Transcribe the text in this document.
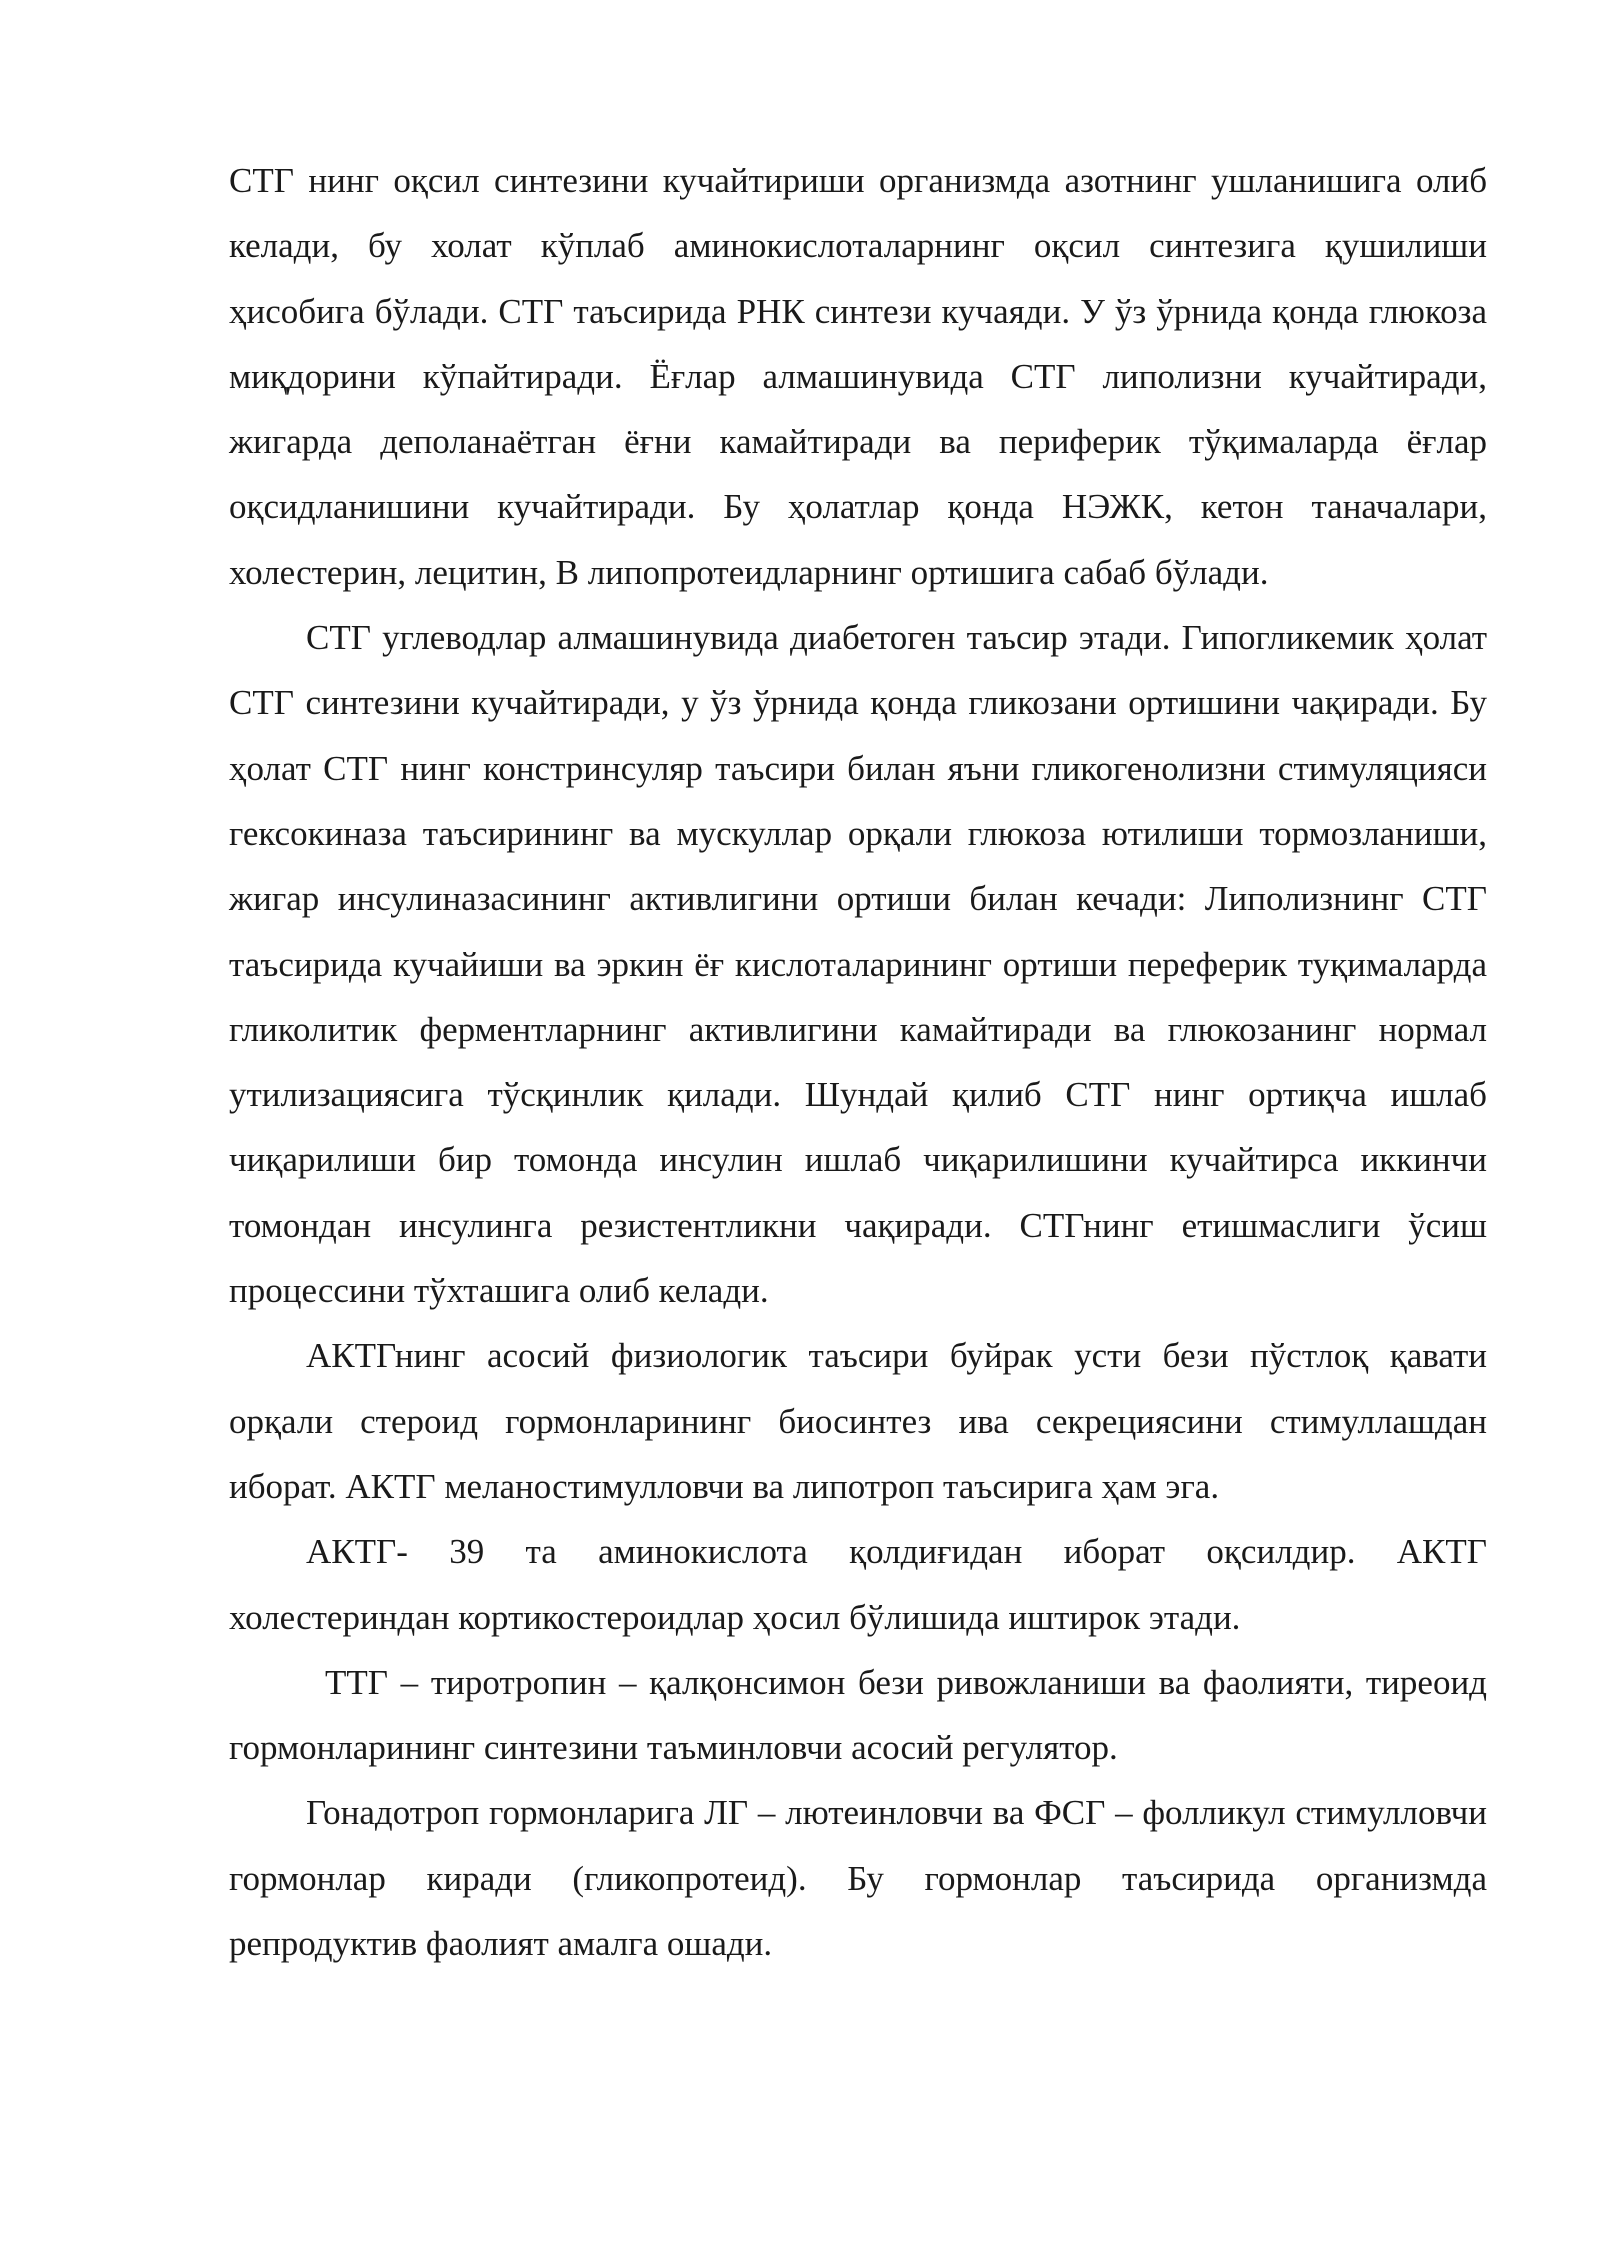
СТГ нинг оқсил синтезини кучайтириши организмда азотнинг ушланишига олиб келади, бу холат кўплаб аминокислоталарнинг оқсил синтезига қушилиши ҳисобига бўлади. СТГ таъсирида РНК синтези кучаяди. У ўз ўрнида қонда глюкоза миқдорини кўпайтиради. Ёғлар алмашинувида СТГ липолизни кучайтиради, жигарда деполанаётган ёғни камайтиради ва периферик тўқималарда ёғлар оқсидланишини кучайтиради. Бу ҳолатлар қонда НЭЖК, кетон таначалари, холестерин, лецитин, В липопротеидларнинг ортишига сабаб бўлади.

СТГ углеводлар алмашинувида диабетоген таъсир этади. Гипогликемик ҳолат СТГ синтезини кучайтиради, у ўз ўрнида қонда гликозани ортишини чақиради. Бу ҳолат СТГ нинг констринсуляр таъсири билан яъни гликогенолизни стимуляцияси гексокиназа таъсирининг ва мускуллар орқали глюкоза ютилиши тормозланиши, жигар инсулиназасининг активлигини ортиши билан кечади: Липолизнинг СТГ таъсирида кучайиши ва эркин ёғ кислоталарининг ортиши переферик туқималарда гликолитик ферментларнинг активлигини камайтиради ва глюкозанинг нормал утилизациясига тўсқинлик қилади. Шундай қилиб СТГ нинг ортиқча ишлаб чиқарилиши бир томонда инсулин ишлаб чиқарилишини кучайтирса иккинчи томондан инсулинга резистентликни чақиради. СТГнинг етишмаслиги ўсиш процессини тўхташига олиб келади.

АКТГнинг асосий физиологик таъсири буйрак усти бези пўстлоқ қавати орқали стероид гормонларининг биосинтез ива секрециясини стимуллашдан иборат. АКТГ меланостимулловчи ва липотроп таъсирига ҳам эга.

АКТГ- 39 та аминокислота қолдиғидан иборат оқсилдир. АКТГ холестериндан кортикостероидлар ҳосил бўлишида иштирок этади.

ТТГ – тиротропин – қалқонсимон бези ривожланиши ва фаолияти, тиреоид гормонларининг синтезини таъминловчи асосий регулятор.

Гонадотроп гормонларига ЛГ – лютеинловчи ва ФСГ – фолликул стимулловчи гормонлар киради (гликопротеид). Бу гормонлар таъсирида организмда репродуктив фаолият амалга ошади.
